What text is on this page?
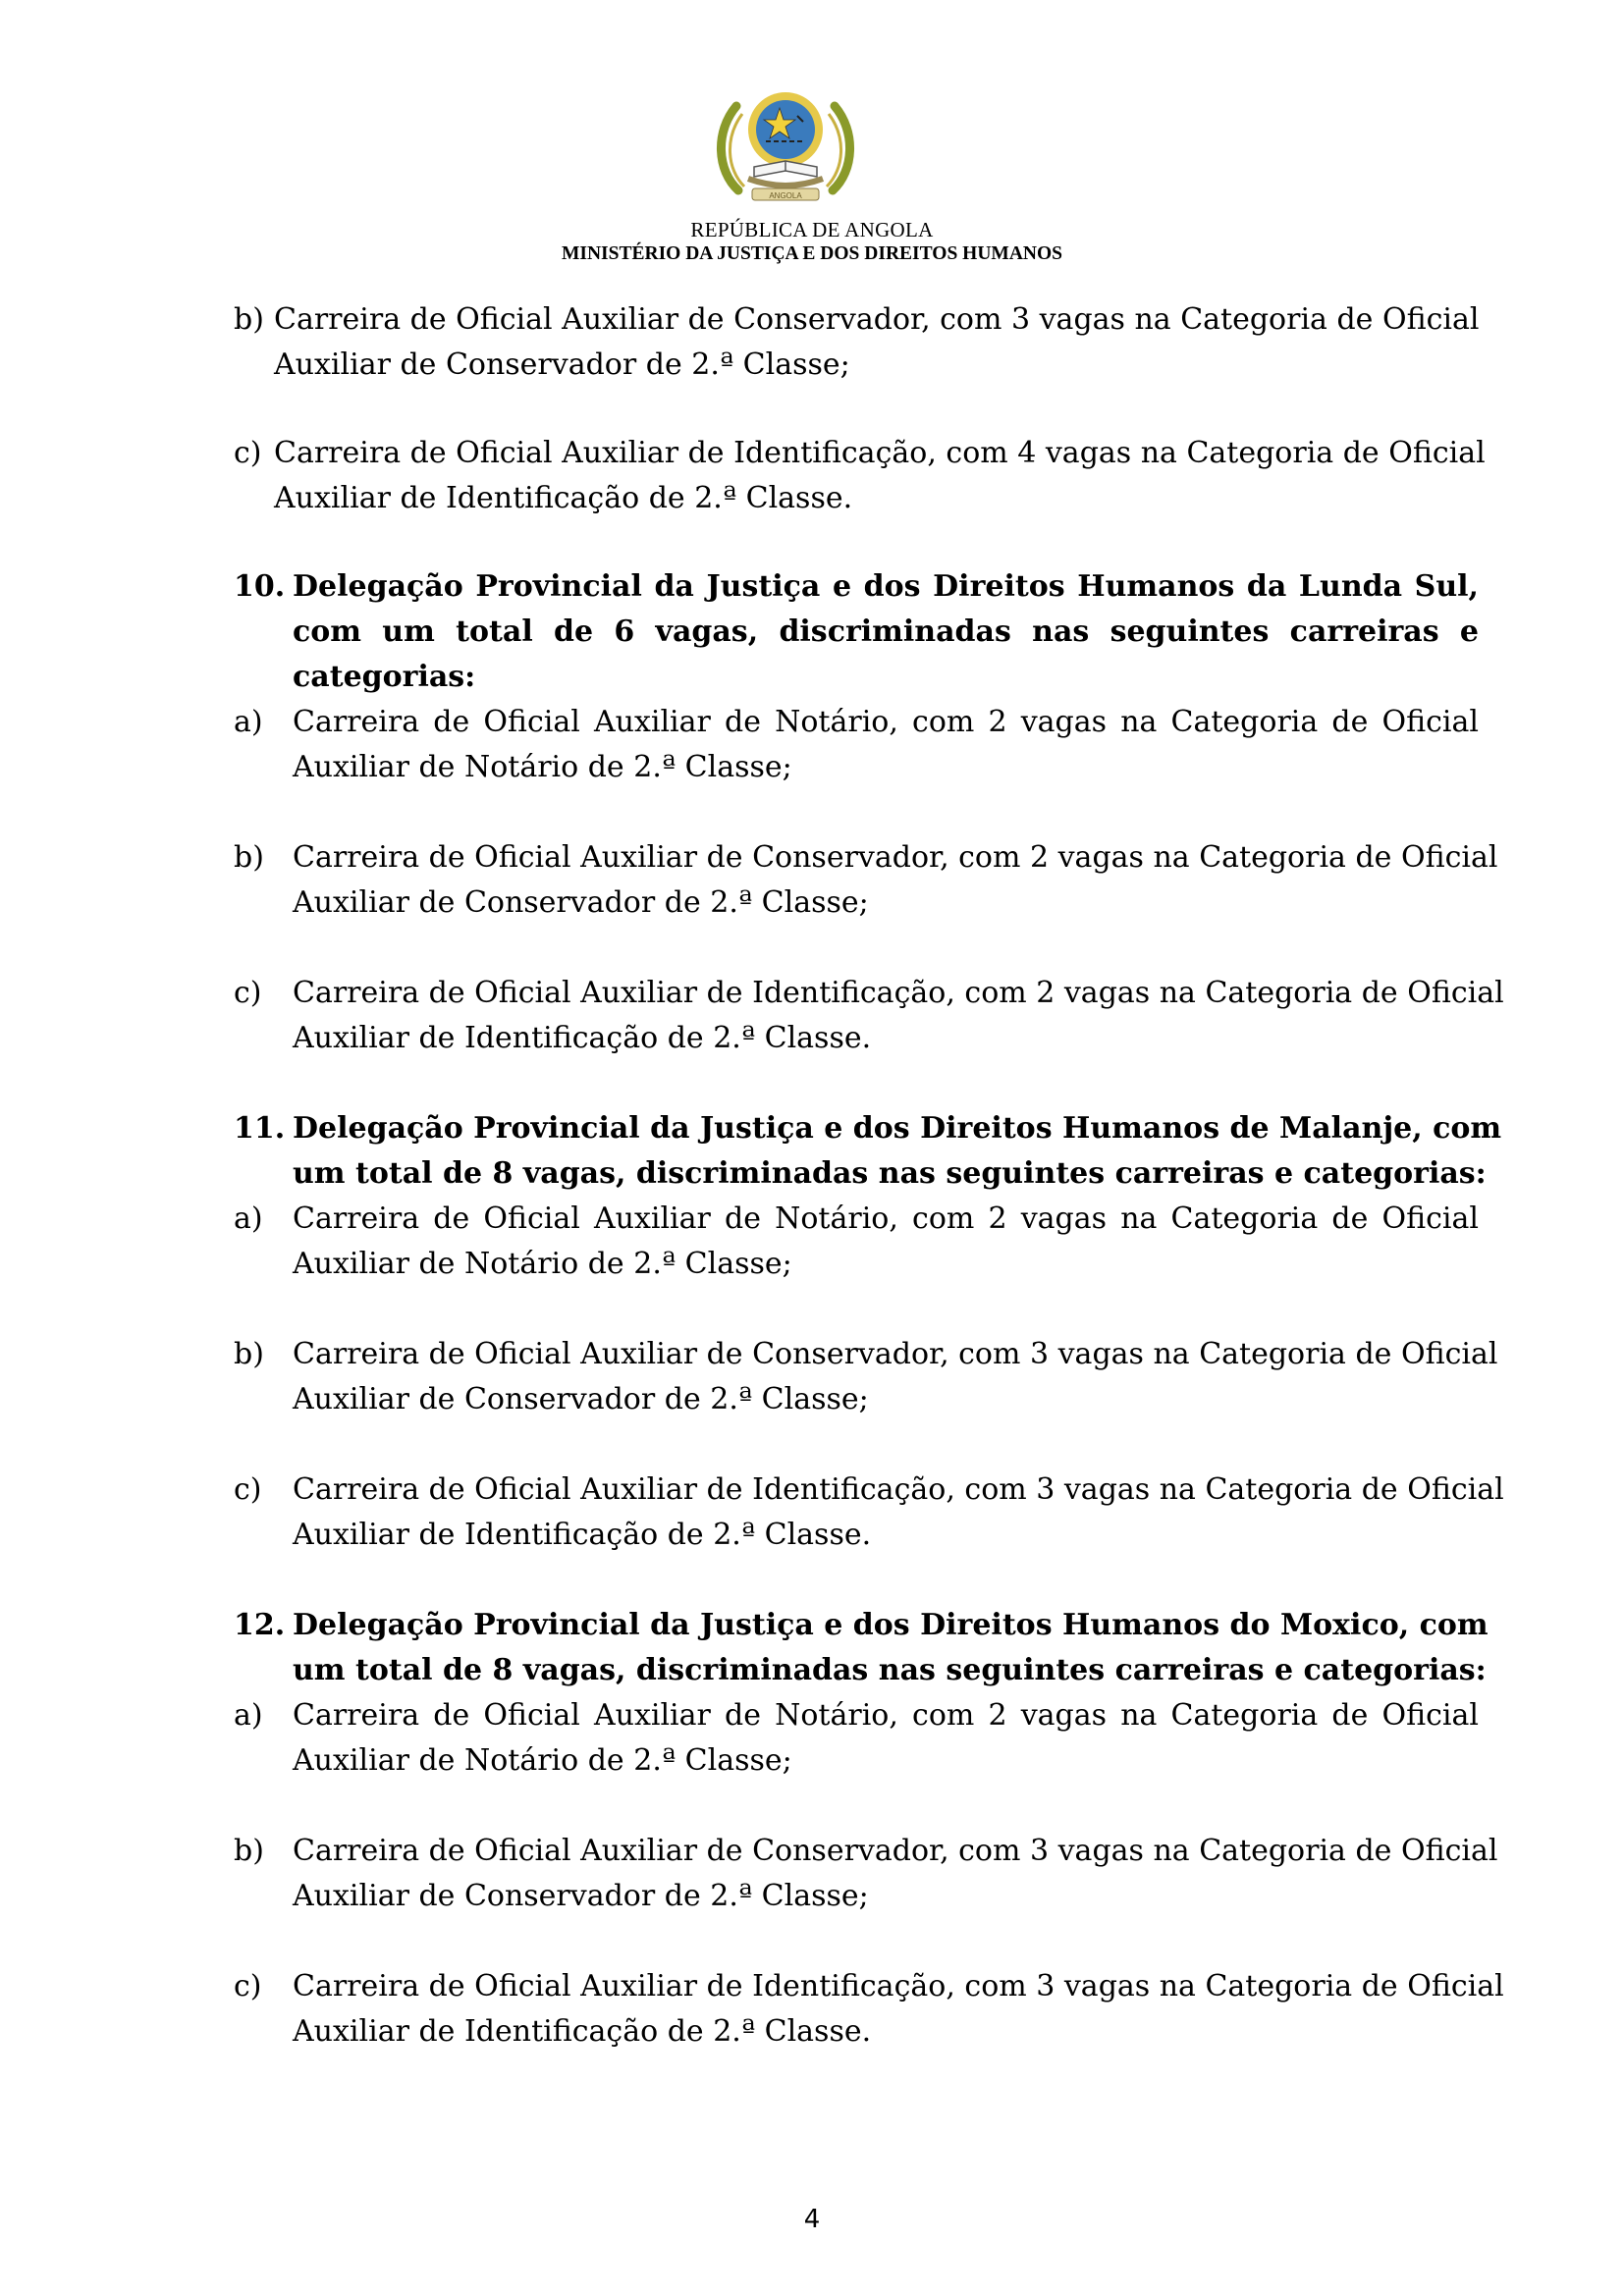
ANGOLA
REPÚBLICA DE ANGOLA
MINISTÉRIO DA JUSTIÇA E DOS DIREITOS HUMANOS
b) Carreira de Oficial Auxiliar de Conservador, com 3 vagas na Categoria de Oficial
Auxiliar de Conservador de 2.ª Classe;
c) Carreira de Oficial Auxiliar de Identificação, com 4 vagas na Categoria de Oficial
Auxiliar de Identificação de 2.ª Classe.
10. Delegação Provincial da Justiça e dos Direitos Humanos da Lunda Sul,
com um total de 6 vagas, discriminadas nas seguintes carreiras e
categorias:
a) Carreira de Oficial Auxiliar de Notário, com 2 vagas na Categoria de Oficial
Auxiliar de Notário de 2.ª Classe;
b) Carreira de Oficial Auxiliar de Conservador, com 2 vagas na Categoria de Oficial
Auxiliar de Conservador de 2.ª Classe;
c) Carreira de Oficial Auxiliar de Identificação, com 2 vagas na Categoria de Oficial
Auxiliar de Identificação de 2.ª Classe.
11. Delegação Provincial da Justiça e dos Direitos Humanos de Malanje, com
um total de 8 vagas, discriminadas nas seguintes carreiras e categorias:
a) Carreira de Oficial Auxiliar de Notário, com 2 vagas na Categoria de Oficial
Auxiliar de Notário de 2.ª Classe;
b) Carreira de Oficial Auxiliar de Conservador, com 3 vagas na Categoria de Oficial
Auxiliar de Conservador de 2.ª Classe;
c) Carreira de Oficial Auxiliar de Identificação, com 3 vagas na Categoria de Oficial
Auxiliar de Identificação de 2.ª Classe.
12. Delegação Provincial da Justiça e dos Direitos Humanos do Moxico, com
um total de 8 vagas, discriminadas nas seguintes carreiras e categorias:
a) Carreira de Oficial Auxiliar de Notário, com 2 vagas na Categoria de Oficial
Auxiliar de Notário de 2.ª Classe;
b) Carreira de Oficial Auxiliar de Conservador, com 3 vagas na Categoria de Oficial
Auxiliar de Conservador de 2.ª Classe;
c) Carreira de Oficial Auxiliar de Identificação, com 3 vagas na Categoria de Oficial
Auxiliar de Identificação de 2.ª Classe.
4
